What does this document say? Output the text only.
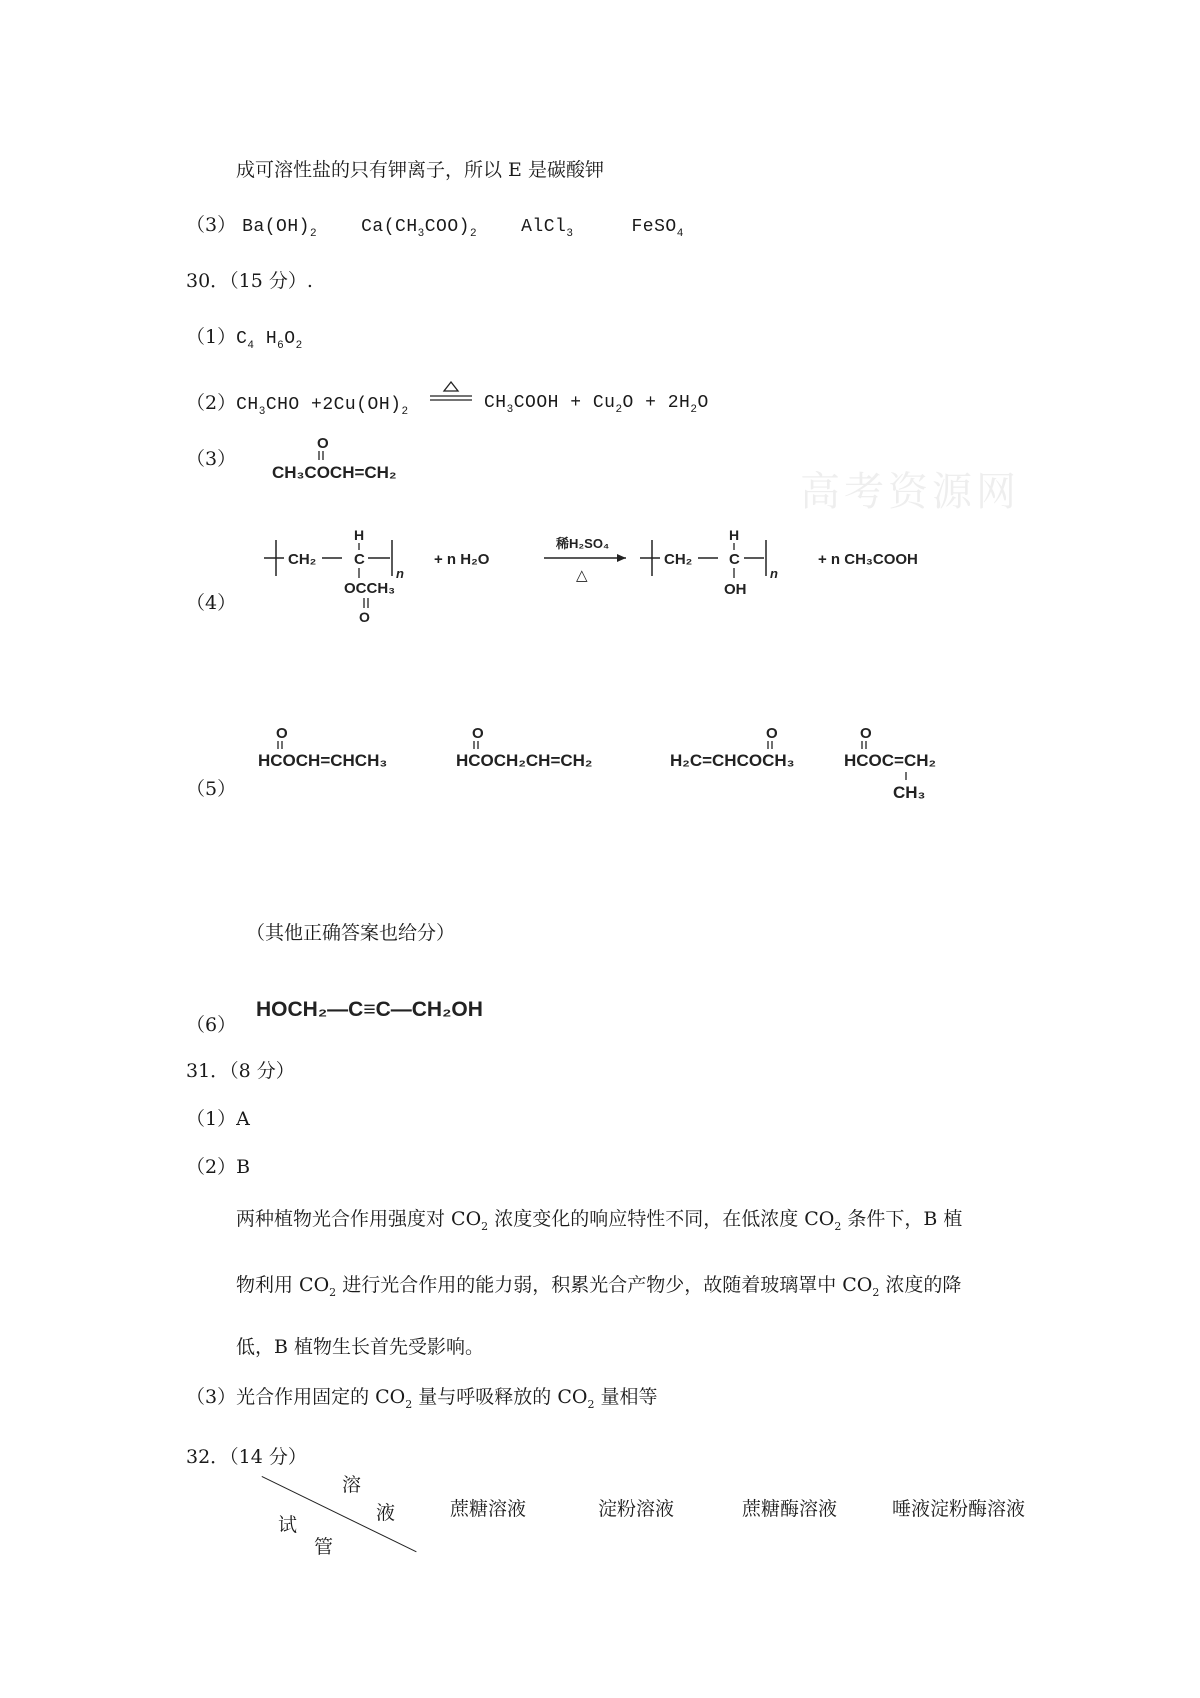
高考资源网
成可溶性盐的只有钾离子，所以 E 是碳酸钾
（3） $Ba(OH)_2$ $Ca(CH_3COO)_2$ AlCl$_3$	FeSO$_4$
30．（15 分）.
$(1)C_4$ $H_6O_2$
$(2)CH_3CHO +2Cu(OH)_2$	$CH_3COOH + Cu_2O + 2H_2O$
（3）
O
CH₃COCH=CH₂
（4）
CH₂
H
C
n
OCCH₃
O
+ n H₂O
稀H₂SO₄
△
CH₂
H
C
n
OH
+ n CH₃COOH
（5）
O
HCOCH=CHCH₃
O
HCOCH₂CH=CH₂
O
H₂C=CHCOCH₃
O
HCOC=CH₂
CH₃
（其他正确答案也给分）
（6）
HOCH₂—C≡C—CH₂OH
31．（8 分）
（1）A
（2）B
两种植物光合作用强度对 $CO_2$ 浓度变化的响应特性不同，在低浓度 $CO_2$ 条件下，B 植
物利用 $CO_2$ 进行光合作用的能力弱，积累光合产物少，故随着玻璃罩中 $CO_2$ 浓度的降
低，B 植物生长首先受影响。
（3）光合作用固定的 $CO_2$ 量与呼吸释放的 $CO_2$ 量相等
32．（14 分）
溶
液
试
管
蔗糖溶液	淀粉溶液	蔗糖酶溶液	唾液淀粉酶溶液
